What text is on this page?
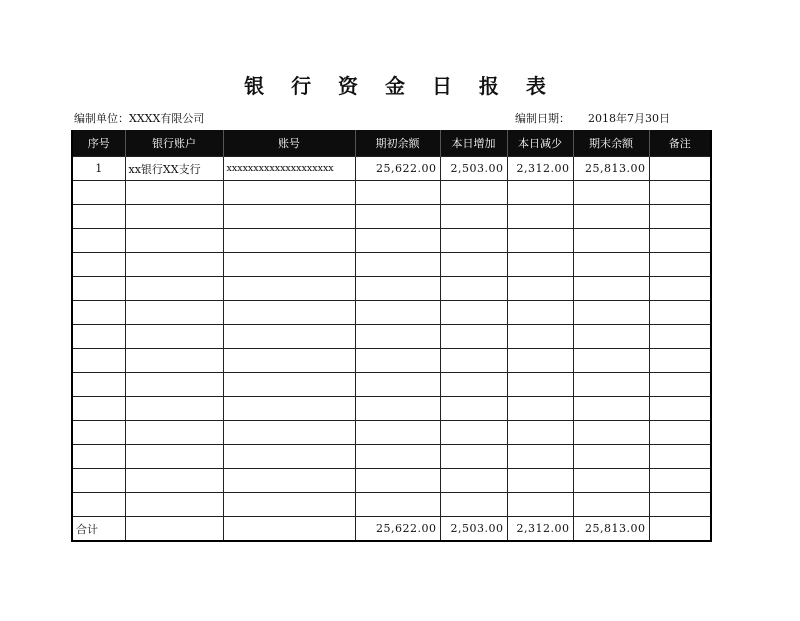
银 行 资 金 日 报 表
编制单位：XXXX有限公司	编制日期： 2018年7月30日
序号	银行账户	账号	期初余额	本日增加	本日减少	期末余额	备注
1	xx银行XX支行	xxxxxxxxxxxxxxxxxxxx	25,622.00	2,503.00	2,312.00	25,813.00	

合计			25,622.00	2,503.00	2,312.00	25,813.00	
